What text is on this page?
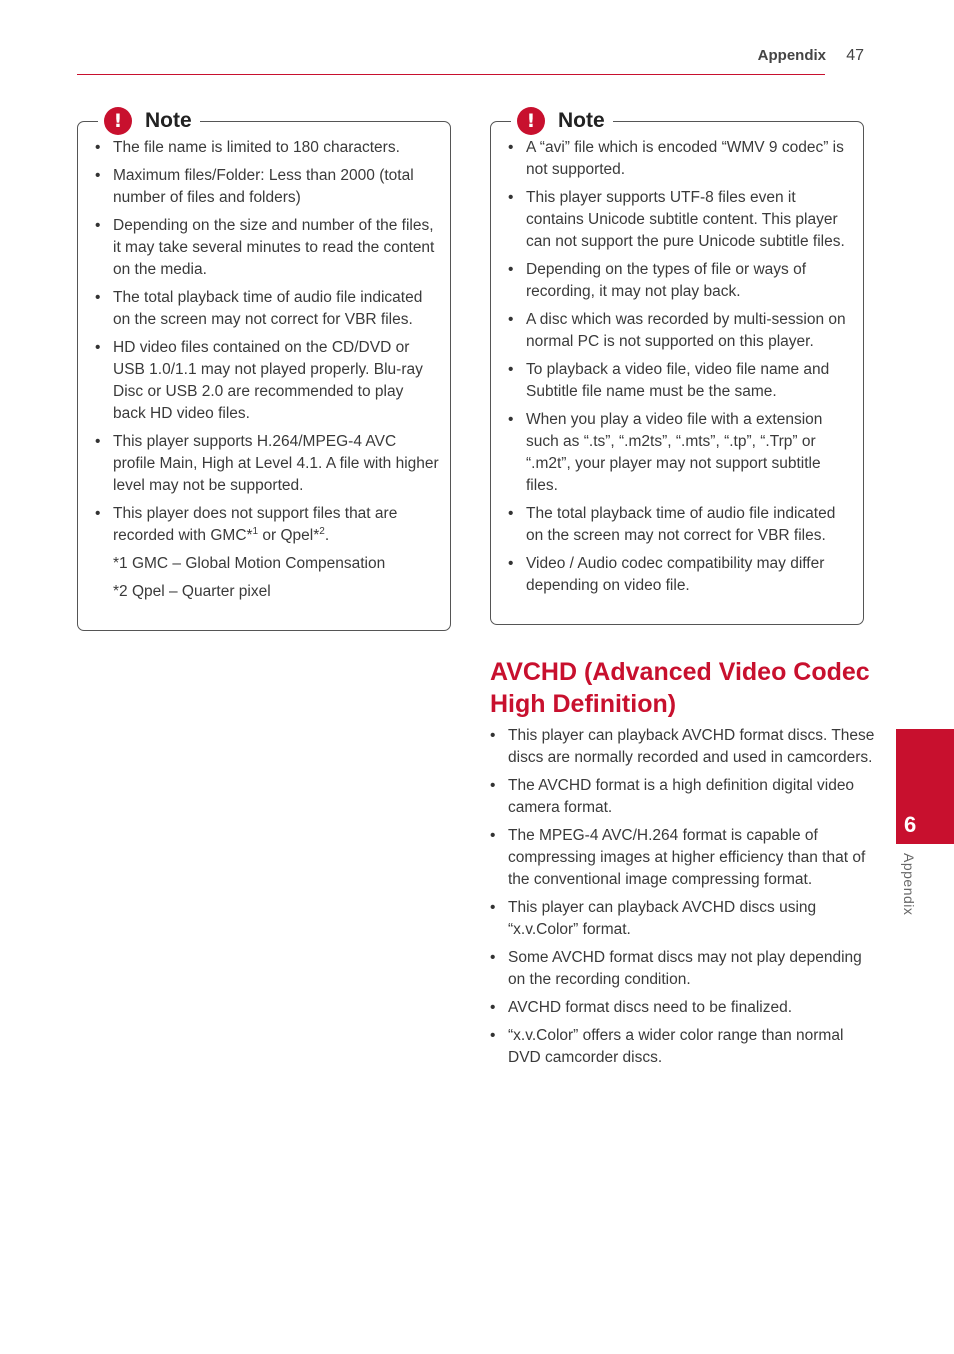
Appendix 47
!	Note
• The file name is limited to 180 characters.
• Maximum files/Folder: Less than 2000 (total number of files and folders)
• Depending on the size and number of the files, it may take several minutes to read the content on the media.
• The total playback time of audio file indicated on the screen may not correct for VBR files.
• HD video files contained on the CD/DVD or USB 1.0/1.1 may not played properly. Blu-ray Disc or USB 2.0 are recommended to play back HD video files.
• This player supports H.264/MPEG-4 AVC profile Main, High at Level 4.1. A file with higher level may not be supported.
• This player does not support files that are recorded with GMC*$^1$ or Qpel*$^2$.
*1 GMC – Global Motion Compensation
*2 Qpel – Quarter pixel
!	Note
• A “avi” file which is encoded “WMV 9 codec” is not supported.
• This player supports UTF-8 files even it contains Unicode subtitle content. This player can not support the pure Unicode subtitle files.
• Depending on the types of file or ways of recording, it may not play back.
• A disc which was recorded by multi-session on normal PC is not supported on this player.
• To playback a video file, video file name and Subtitle file name must be the same.
• When you play a video file with a extension such as “.ts”, “.m2ts”, “.mts”, “.tp”, “.Trp” or “.m2t”, your player may not support subtitle files.
• The total playback time of audio file indicated on the screen may not correct for VBR files.
• Video / Audio codec compatibility may differ depending on video file.
AVCHD (Advanced Video Codec High Definition)
• This player can playback AVCHD format discs. These discs are normally recorded and used in camcorders.
• The AVCHD format is a high definition digital video camera format.
• The MPEG-4 AVC/H.264 format is capable of compressing images at higher efficiency than that of the conventional image compressing format.
• This player can playback AVCHD discs using “x.v.Color” format.
• Some AVCHD format discs may not play depending on the recording condition.
• AVCHD format discs need to be finalized.
• “x.v.Color” offers a wider color range than normal DVD camcorder discs.
6
Appendix
